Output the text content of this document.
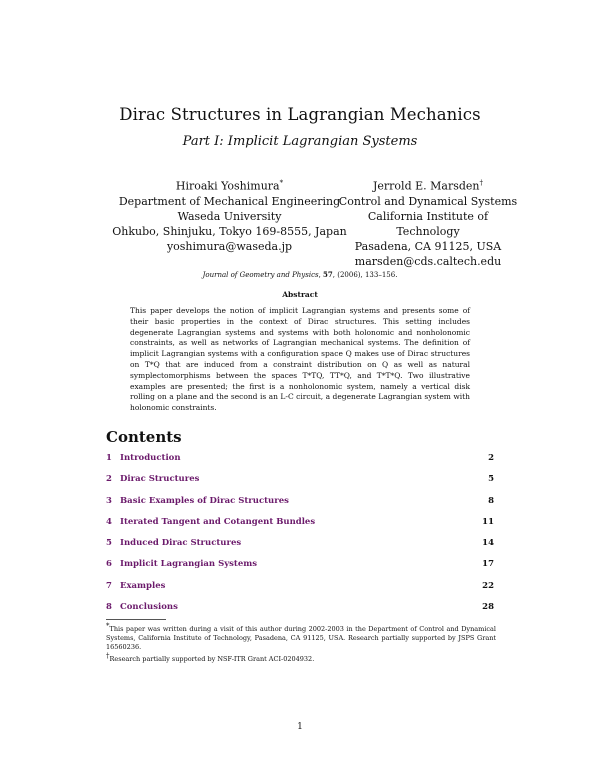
Dirac Structures in Lagrangian Mechanics
Part I: Implicit Lagrangian Systems
Hiroaki Yoshimura*
Department of Mechanical Engineering
Waseda University
Ohkubo, Shinjuku, Tokyo 169-8555, Japan
yoshimura@waseda.jp
Jerrold E. Marsden†
Control and Dynamical Systems
California Institute of Technology
Pasadena, CA 91125, USA
marsden@cds.caltech.edu
Journal of Geometry and Physics, 57, (2006), 133–156.
Abstract
This paper develops the notion of implicit Lagrangian systems and presents some of their basic properties in the context of Dirac structures. This setting includes degenerate Lagrangian systems and systems with both holonomic and nonholonomic constraints, as well as networks of Lagrangian mechanical systems. The definition of implicit Lagrangian systems with a configuration space Q makes use of Dirac structures on T*Q that are induced from a constraint distribution on Q as well as natural symplectomorphisms between the spaces T*TQ, TT*Q, and T*T*Q. Two illustrative examples are presented; the first is a nonholonomic system, namely a vertical disk rolling on a plane and the second is an L-C circuit, a degenerate Lagrangian system with holonomic constraints.
Contents
1 Introduction	2
2 Dirac Structures	5
3 Basic Examples of Dirac Structures	8
4 Iterated Tangent and Cotangent Bundles	11
5 Induced Dirac Structures	14
6 Implicit Lagrangian Systems	17
7 Examples	22
8 Conclusions	28
*This paper was written during a visit of this author during 2002-2003 in the Department of Control and Dynamical Systems, California Institute of Technology, Pasadena, CA 91125, USA. Research partially supported by JSPS Grant 16560236.
†Research partially supported by NSF-ITR Grant ACI-0204932.
1
